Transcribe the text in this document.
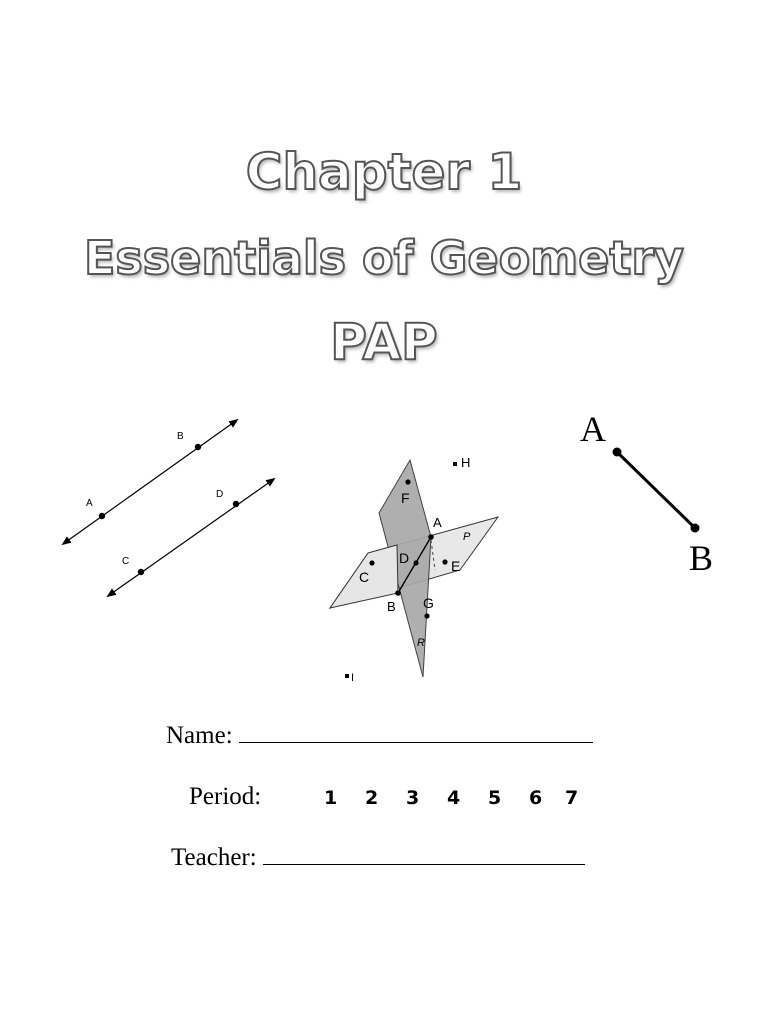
Chapter 1
Essentials of Geometry
PAP
B
A
D
C
H
F
A
P
D
C
E
B G
R
I
A
B
Name:
Period:	1 2 3 4 5 6 7
Teacher:
